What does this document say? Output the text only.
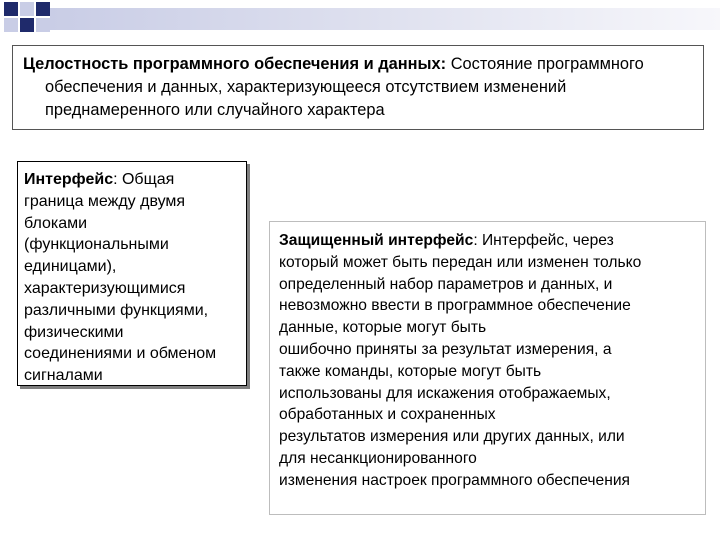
Целостность программного обеспечения и данных: Состояние программного обеспечения и данных, характеризующееся отсутствием изменений преднамеренного или случайного характера
Интерфейс: Общая
граница между двумя
блоками
(функциональными
единицами),
характеризующимися
различными функциями,
физическими
соединениями и обменом
сигналами
Защищенный интерфейс: Интерфейс, через
который может быть передан или изменен только
определенный набор параметров и данных, и
невозможно ввести в программное обеспечение
данные, которые могут быть
ошибочно приняты за результат измерения, а
также команды, которые могут быть
использованы для искажения отображаемых,
обработанных и сохраненных
результатов измерения или других данных, или
для несанкционированного
изменения настроек программного обеспечения
